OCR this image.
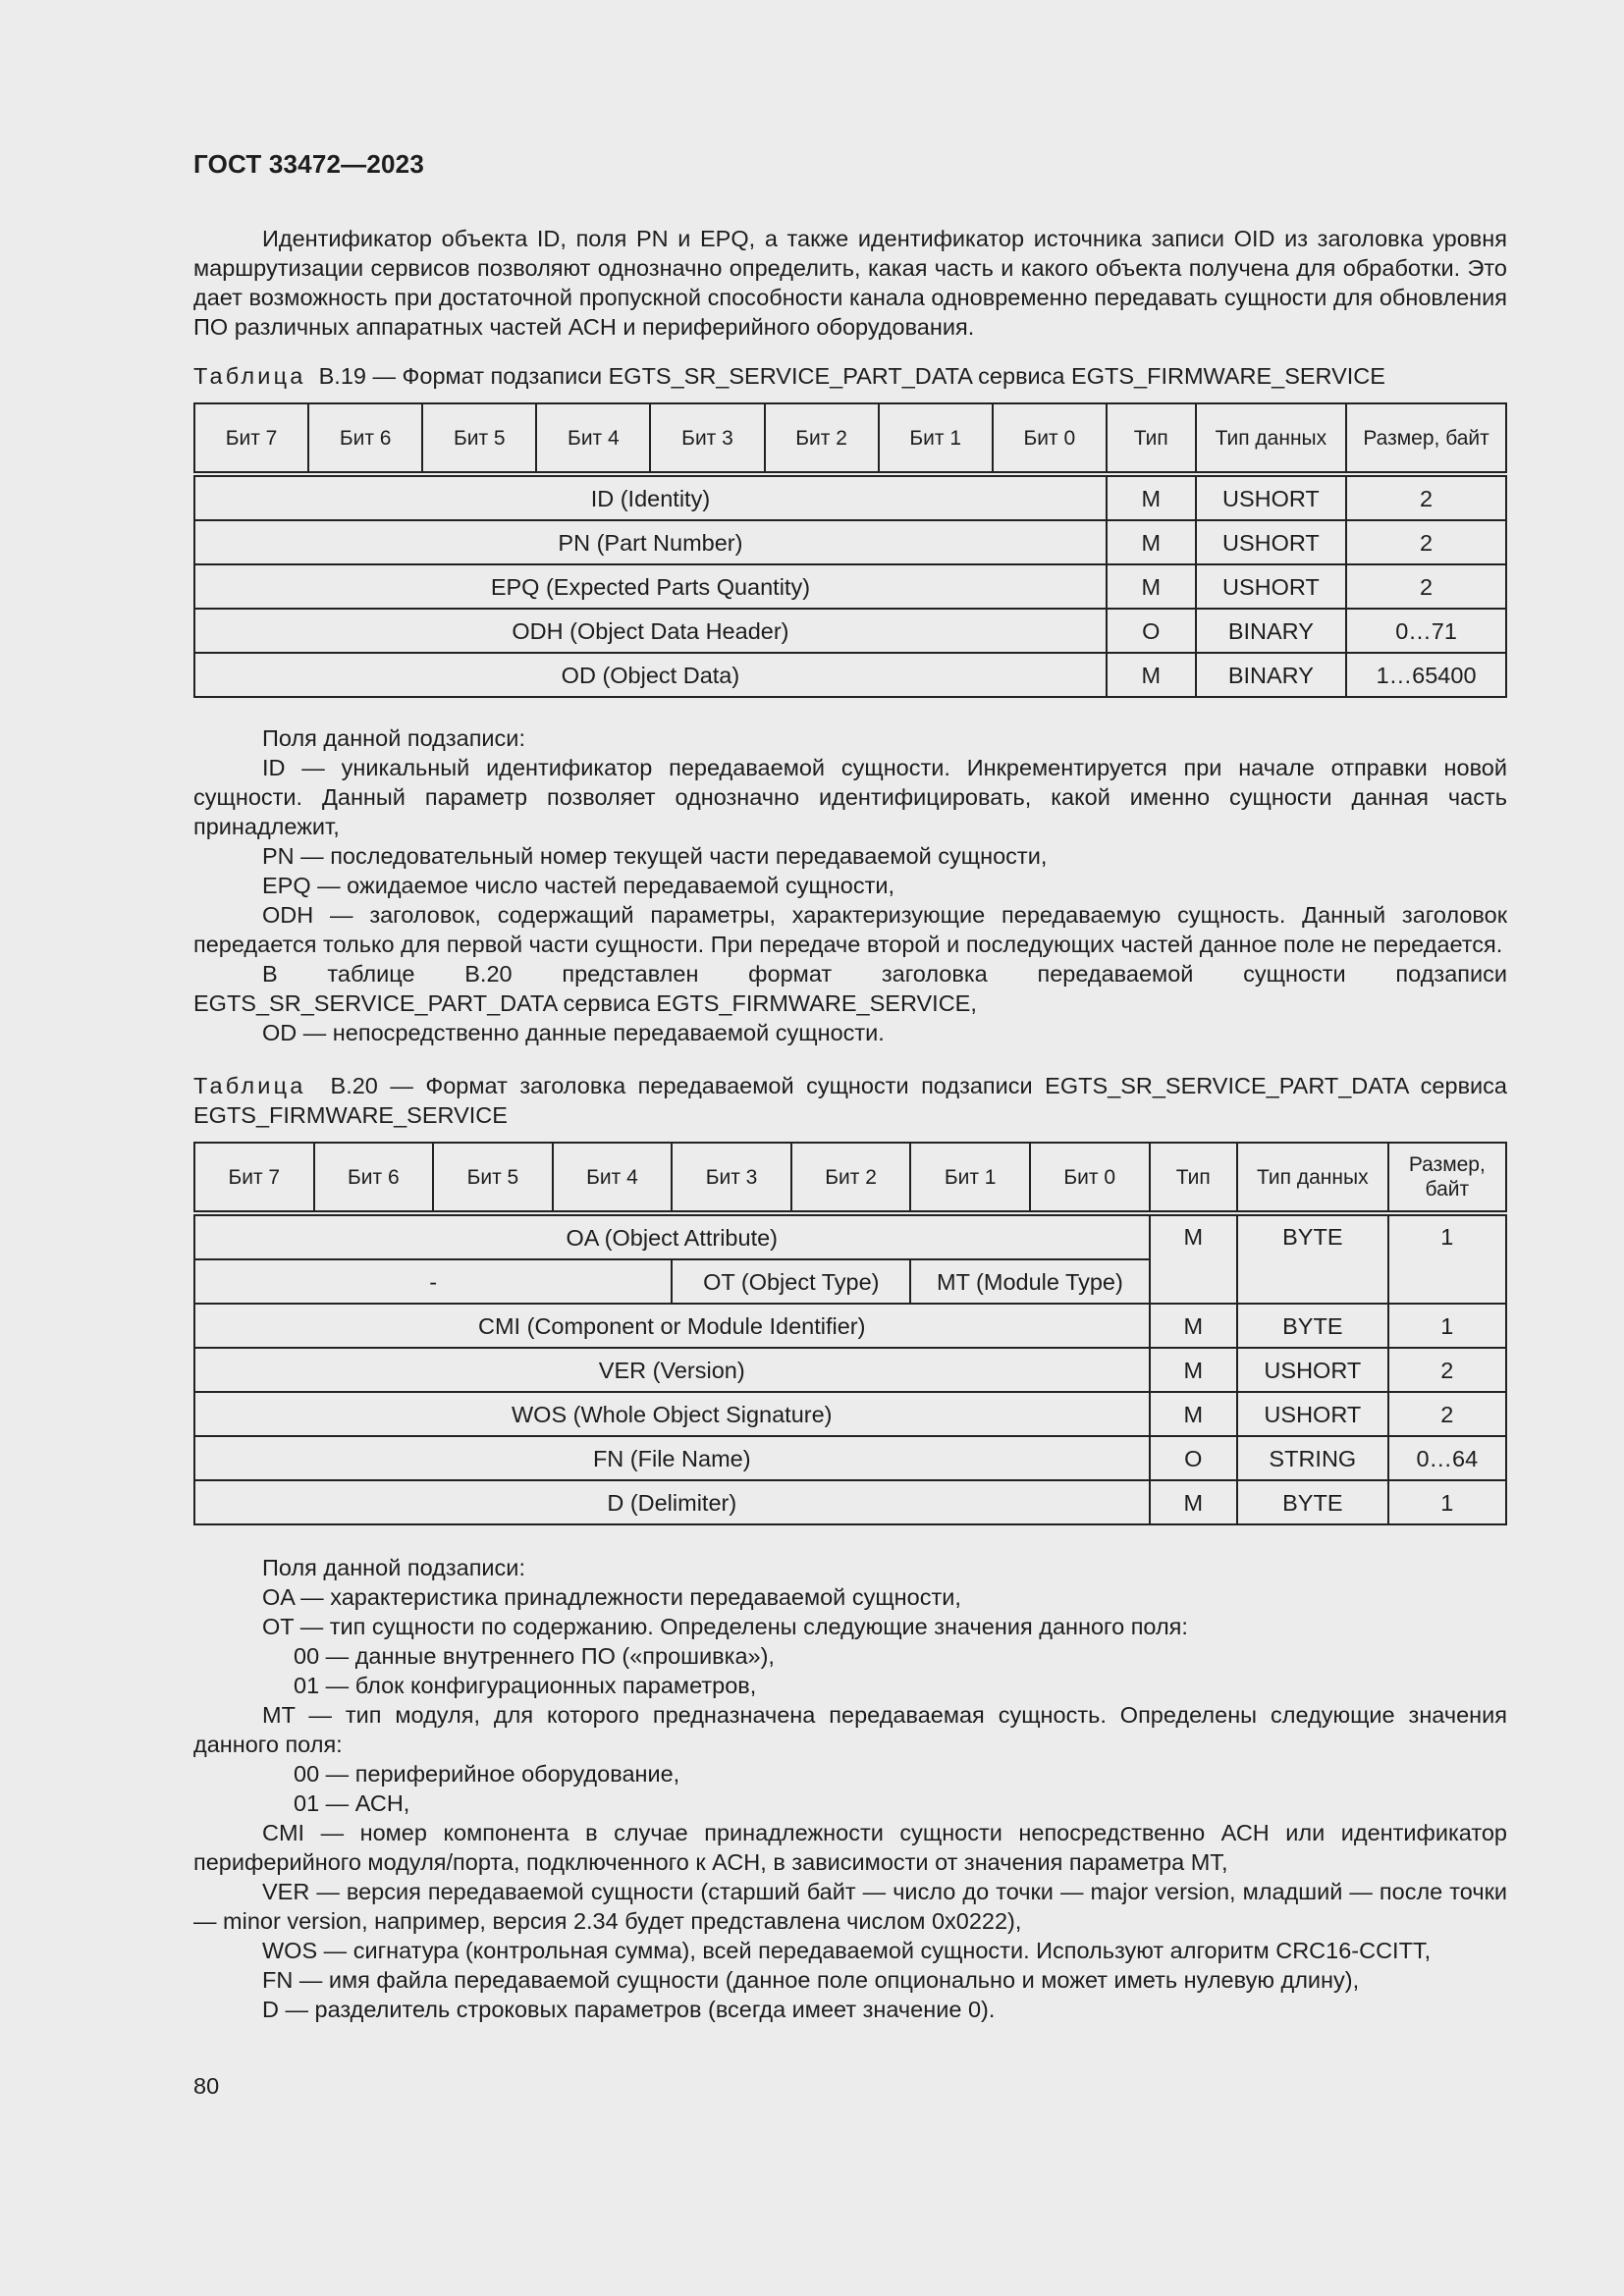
ГОСТ 33472—2023

Идентификатор объекта ID, поля PN и EPQ, а также идентификатор источника записи OID из заголовка уровня маршрутизации сервисов позволяют однозначно определить, какая часть и какого объекта получена для обработки. Это дает возможность при достаточной пропускной способности канала одновременно передавать сущности для обновления ПО различных аппаратных частей АСН и периферийного оборудования.

Таблица В.19 — Формат подзаписи EGTS_SR_SERVICE_PART_DATA сервиса EGTS_FIRMWARE_SERVICE

Бит 7	Бит 6	Бит 5	Бит 4	Бит 3	Бит 2	Бит 1	Бит 0	Тип	Тип данных	Размер, байт
ID (Identity)								M	USHORT	2
PN (Part Number)								M	USHORT	2
EPQ (Expected Parts Quantity)								M	USHORT	2
ODH (Object Data Header)								O	BINARY	0…71
OD (Object Data)								M	BINARY	1…65400

Поля данной подзаписи:

ID — уникальный идентификатор передаваемой сущности. Инкрементируется при начале отправки новой сущности. Данный параметр позволяет однозначно идентифицировать, какой именно сущности данная часть принадлежит,

PN — последовательный номер текущей части передаваемой сущности,

EPQ — ожидаемое число частей передаваемой сущности,

ODH — заголовок, содержащий параметры, характеризующие передаваемую сущность. Данный заголовок передается только для первой части сущности. При передаче второй и последующих частей данное поле не передается.

В таблице В.20 представлен формат заголовка передаваемой сущности подзаписи EGTS_SR_SERVICE_PART_DATA сервиса EGTS_FIRMWARE_SERVICE,

OD — непосредственно данные передаваемой сущности.

Таблица В.20 — Формат заголовка передаваемой сущности подзаписи EGTS_SR_SERVICE_PART_DATA сервиса EGTS_FIRMWARE_SERVICE

Бит 7	Бит 6	Бит 5	Бит 4	Бит 3	Бит 2	Бит 1	Бит 0	Тип	Тип данных	Размер, байт
OA (Object Attribute)								M	BYTE	1
-				OT (Object Type)		MT (Module Type)				
CMI (Component or Module Identifier)								M	BYTE	1
VER (Version)								M	USHORT	2
WOS (Whole Object Signature)								M	USHORT	2
FN (File Name)								O	STRING	0…64
D (Delimiter)								M	BYTE	1

Поля данной подзаписи:

OA — характеристика принадлежности передаваемой сущности,

OT — тип сущности по содержанию. Определены следующие значения данного поля:

00 — данные внутреннего ПО («прошивка»),

01 — блок конфигурационных параметров,

MT — тип модуля, для которого предназначена передаваемая сущность. Определены следующие значения данного поля:

00 — периферийное оборудование,

01 — АСН,

CMI — номер компонента в случае принадлежности сущности непосредственно АСН или идентификатор периферийного модуля/порта, подключенного к АСН, в зависимости от значения параметра MT,

VER — версия передаваемой сущности (старший байт — число до точки — major version, младший — после точки — minor version, например, версия 2.34 будет представлена числом 0x0222),

WOS — сигнатура (контрольная сумма), всей передаваемой сущности. Используют алгоритм CRC16-CCITT,

FN — имя файла передаваемой сущности (данное поле опционально и может иметь нулевую длину),

D — разделитель строковых параметров (всегда имеет значение 0).

80
